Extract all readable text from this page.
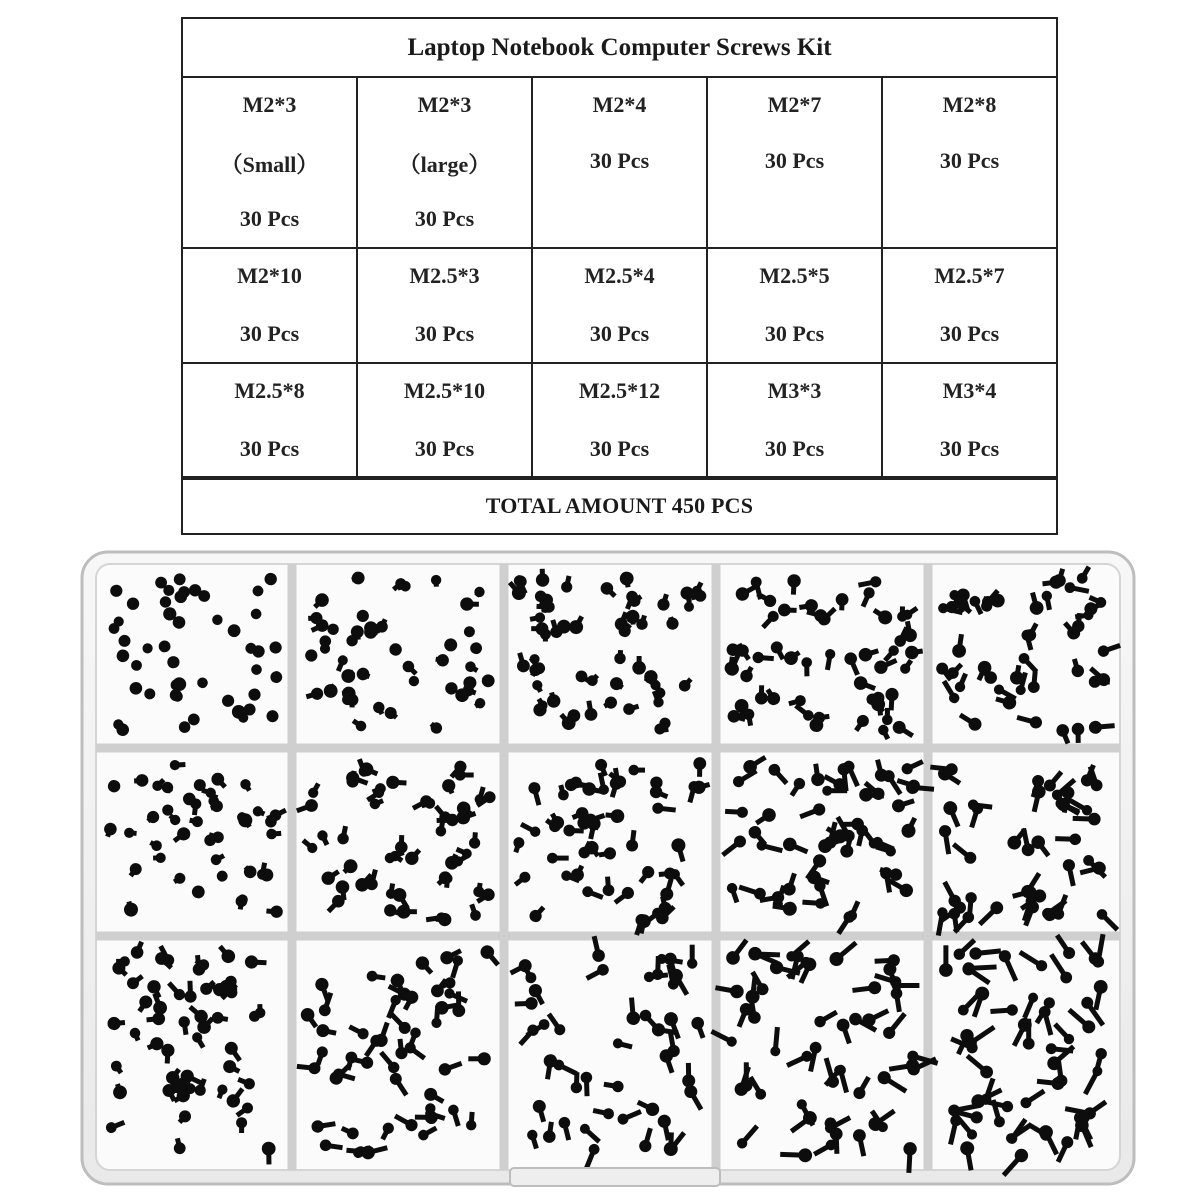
Laptop Notebook Computer Screws Kit
M2*3
（Small）
30 Pcs
M2*3
（large）
30 Pcs
M2*4
30 Pcs
M2*7
30 Pcs
M2*8
30 Pcs
M2*10
30 Pcs
M2.5*3
30 Pcs
M2.5*4
30 Pcs
M2.5*5
30 Pcs
M2.5*7
30 Pcs
M2.5*8
30 Pcs
M2.5*10
30 Pcs
M2.5*12
30 Pcs
M3*3
30 Pcs
M3*4
30 Pcs
TOTAL AMOUNT 450 PCS
